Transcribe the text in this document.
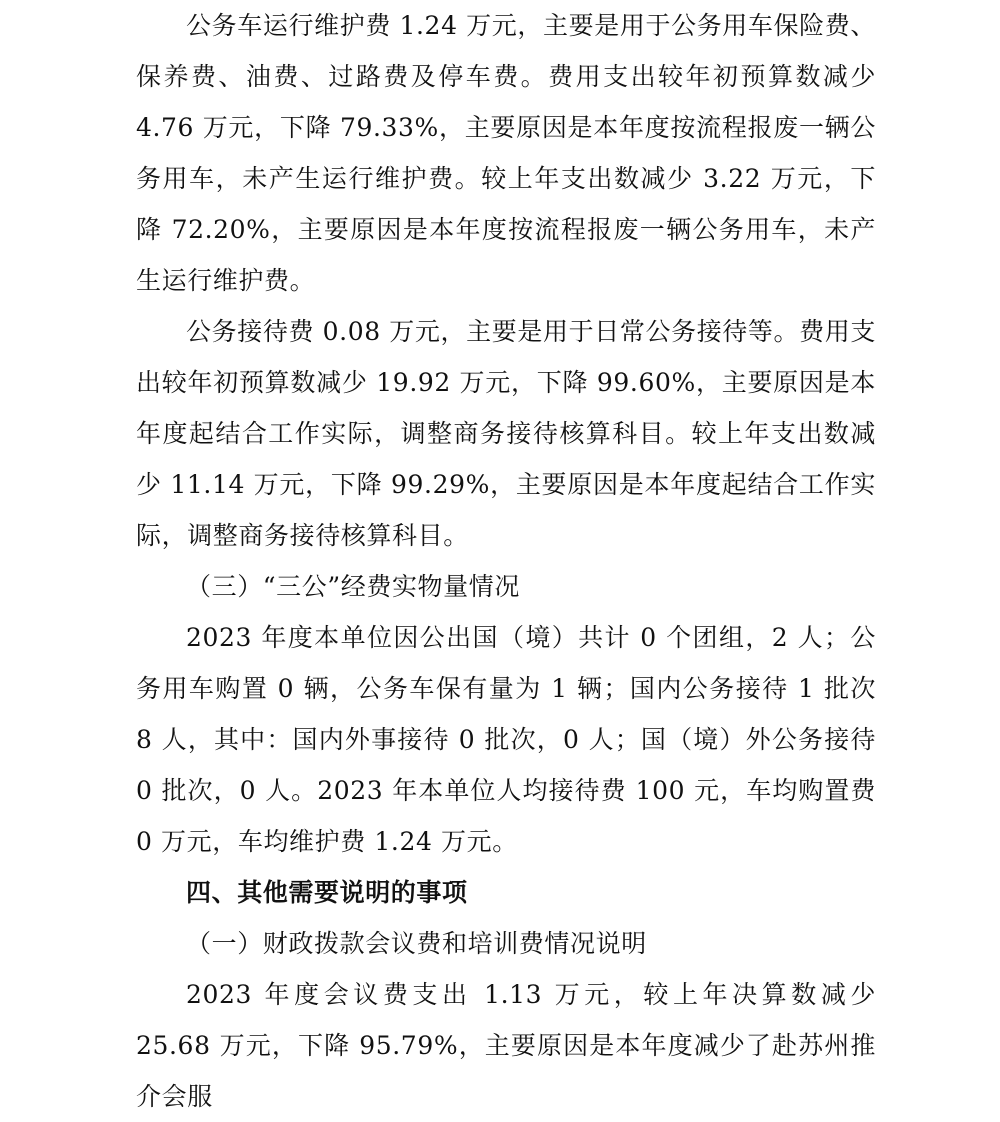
公务车运行维护费 1.24 万元，主要是用于公务用车保险费、保养费、油费、过路费及停车费。费用支出较年初预算数减少 4.76 万元，下降 79.33%，主要原因是本年度按流程报废一辆公务用车，未产生运行维护费。较上年支出数减少 3.22 万元，下降 72.20%，主要原因是本年度按流程报废一辆公务用车，未产生运行维护费。

公务接待费 0.08 万元，主要是用于日常公务接待等。费用支出较年初预算数减少 19.92 万元，下降 99.60%，主要原因是本年度起结合工作实际，调整商务接待核算科目。较上年支出数减少 11.14 万元，下降 99.29%，主要原因是本年度起结合工作实际，调整商务接待核算科目。

（三）“三公”经费实物量情况

2023 年度本单位因公出国（境）共计 0 个团组，2 人；公务用车购置 0 辆，公务车保有量为 1 辆；国内公务接待 1 批次 8 人，其中：国内外事接待 0 批次，0 人；国（境）外公务接待 0 批次，0 人。2023 年本单位人均接待费 100 元，车均购置费 0 万元，车均维护费 1.24 万元。

四、其他需要说明的事项

（一）财政拨款会议费和培训费情况说明

2023 年度会议费支出 1.13 万元，较上年决算数减少 25.68 万元，下降 95.79%，主要原因是本年度减少了赴苏州推介会服
